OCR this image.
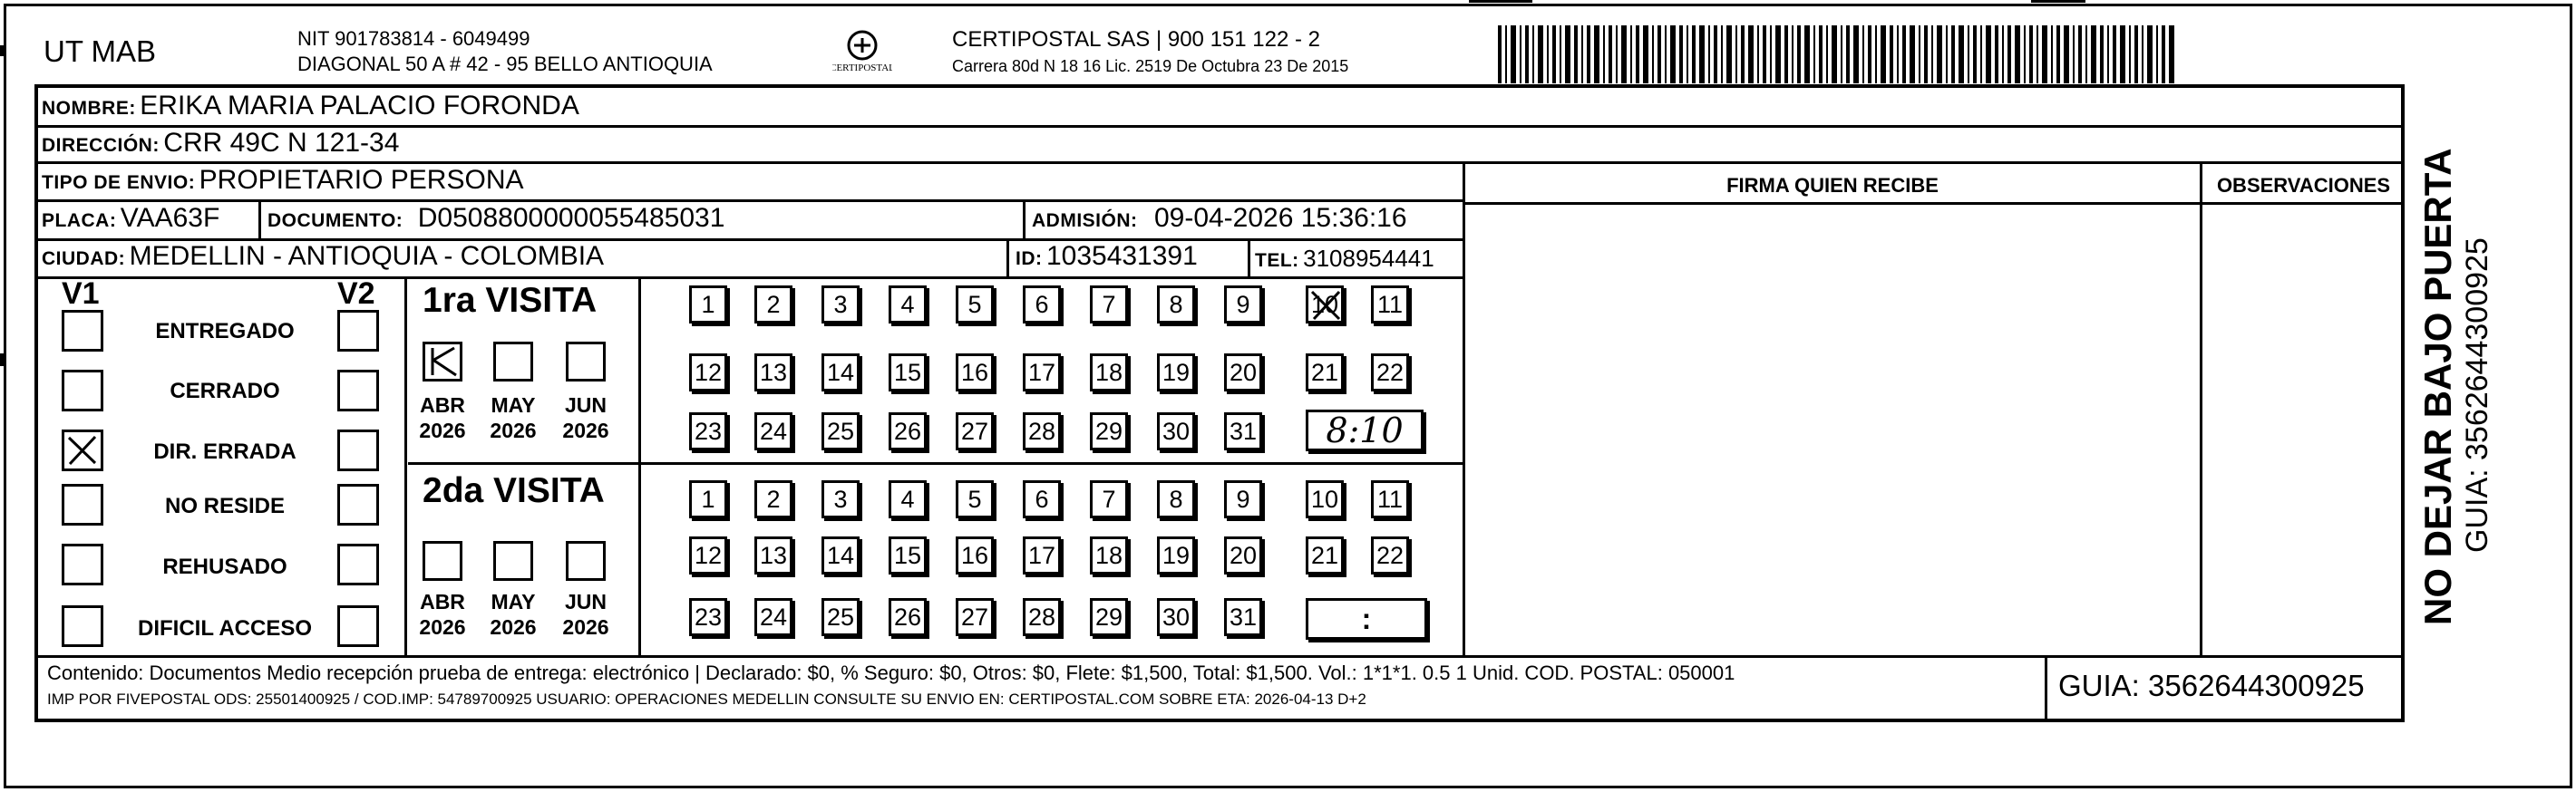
UT MAB	NIT 901783814 - 6049499
DIAGONAL 50 A # 42 - 95 BELLO ANTIOQUIA	CERTIPOSTAL
CERTIPOSTAL SAS | 900 151 122 - 2
Carrera 80d N 18 16 Lic. 2519 De Octubra 23 De 2015
NOMBRE: ERIKA MARIA PALACIO FORONDA
DIRECCIÓN: CRR 49C N 121-34
TIPO DE ENVIO: PROPIETARIO PERSONA
PLACA: VAA63F	DOCUMENTO: D0508800000055485031	ADMISIÓN: 09-04-2026 15:36:16
CIUDAD: MEDELLIN - ANTIOQUIA - COLOMBIA	ID: 1035431391	TEL: 3108954441
FIRMA QUIEN RECIBE	OBSERVACIONES
V1	V2
ENTREGADO
CERRADO
DIR. ERRADA
NO RESIDE
REHUSADO
DIFICIL ACCESO
1ra VISITA
ABR
2026
MAY
2026
JUN
2026
1	2	3	4	5	6	7	8	9	10 11
12 13 14 15 16 17 18 19 20 21 22
23 24 25 26 27 28 29 30 31	8:10
2da VISITA
ABR
2026
MAY
2026
JUN
2026
1	2	3	4	5	6	7	8	9	10 11
12 13 14 15 16 17 18 19 20 21 22
23 24 25 26 27 28 29 30 31	:
Contenido: Documentos Medio recepción prueba de entrega: electrónico | Declarado: $0, % Seguro: $0, Otros: $0, Flete: $1,500, Total: $1,500. Vol.: 1*1*1. 0.5 1 Unid. COD. POSTAL: 050001
IMP POR FIVEPOSTAL ODS: 25501400925 / COD.IMP: 54789700925 USUARIO: OPERACIONES MEDELLIN CONSULTE SU ENVIO EN: CERTIPOSTAL.COM SOBRE ETA: 2026-04-13 D+2	GUIA: 3562644300925
NO DEJAR BAJO PUERTA GUIA: 3562644300925
